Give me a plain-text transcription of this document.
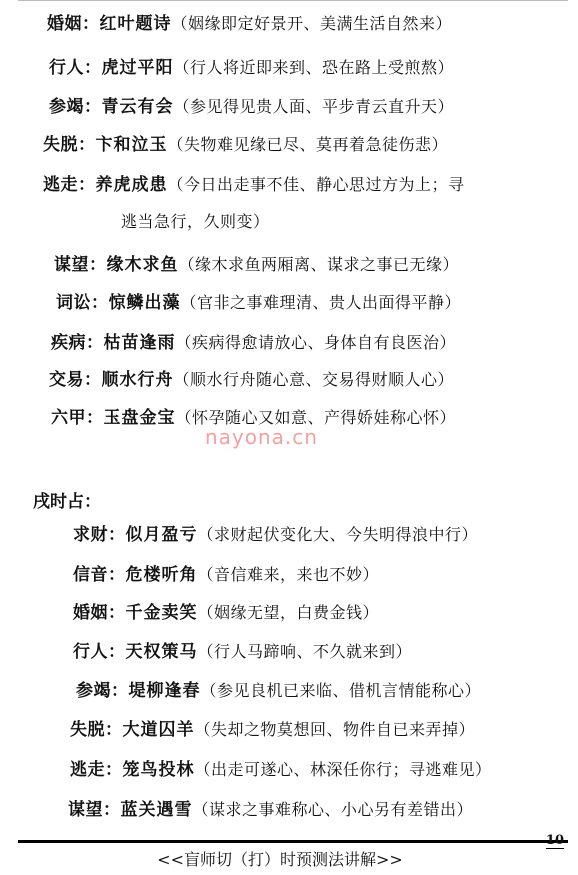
婚姻：红叶题诗（姻缘即定好景开、美满生活自然来）
行人：虎过平阳（行人将近即来到、恐在路上受煎熬）
参竭：青云有会（参见得见贵人面、平步青云直升天）
失脱：卞和泣玉（失物难见缘已尽、莫再着急徒伤悲）
逃走：养虎成患（今日出走事不佳、静心思过方为上；寻
逃当急行，久则变）
谋望：缘木求鱼（缘木求鱼两厢离、谋求之事已无缘）
词讼：惊鳞出藻（官非之事难理清、贵人出面得平静）
疾病：枯苗逢雨（疾病得愈请放心、身体自有良医治）
交易：顺水行舟（顺水行舟随心意、交易得财顺人心）
六甲：玉盘金宝（怀孕随心又如意、产得娇娃称心怀）
nayona.cn
戌时占：
求财：似月盈亏（求财起伏变化大、今失明得浪中行）
信音：危楼听角（音信难来，来也不妙）
婚姻：千金卖笑（姻缘无望，白费金钱）
行人：天权策马（行人马蹄响、不久就来到）
参竭：堤柳逢春（参见良机已来临、借机言情能称心）
失脱：大道囚羊（失却之物莫想回、物件自已来弄掉）
逃走：笼鸟投林（出走可遂心、林深任你行；寻逃难见）
谋望：蓝关遇雪（谋求之事难称心、小心另有差错出）
10
<<盲师切（打）时预测法讲解>>
